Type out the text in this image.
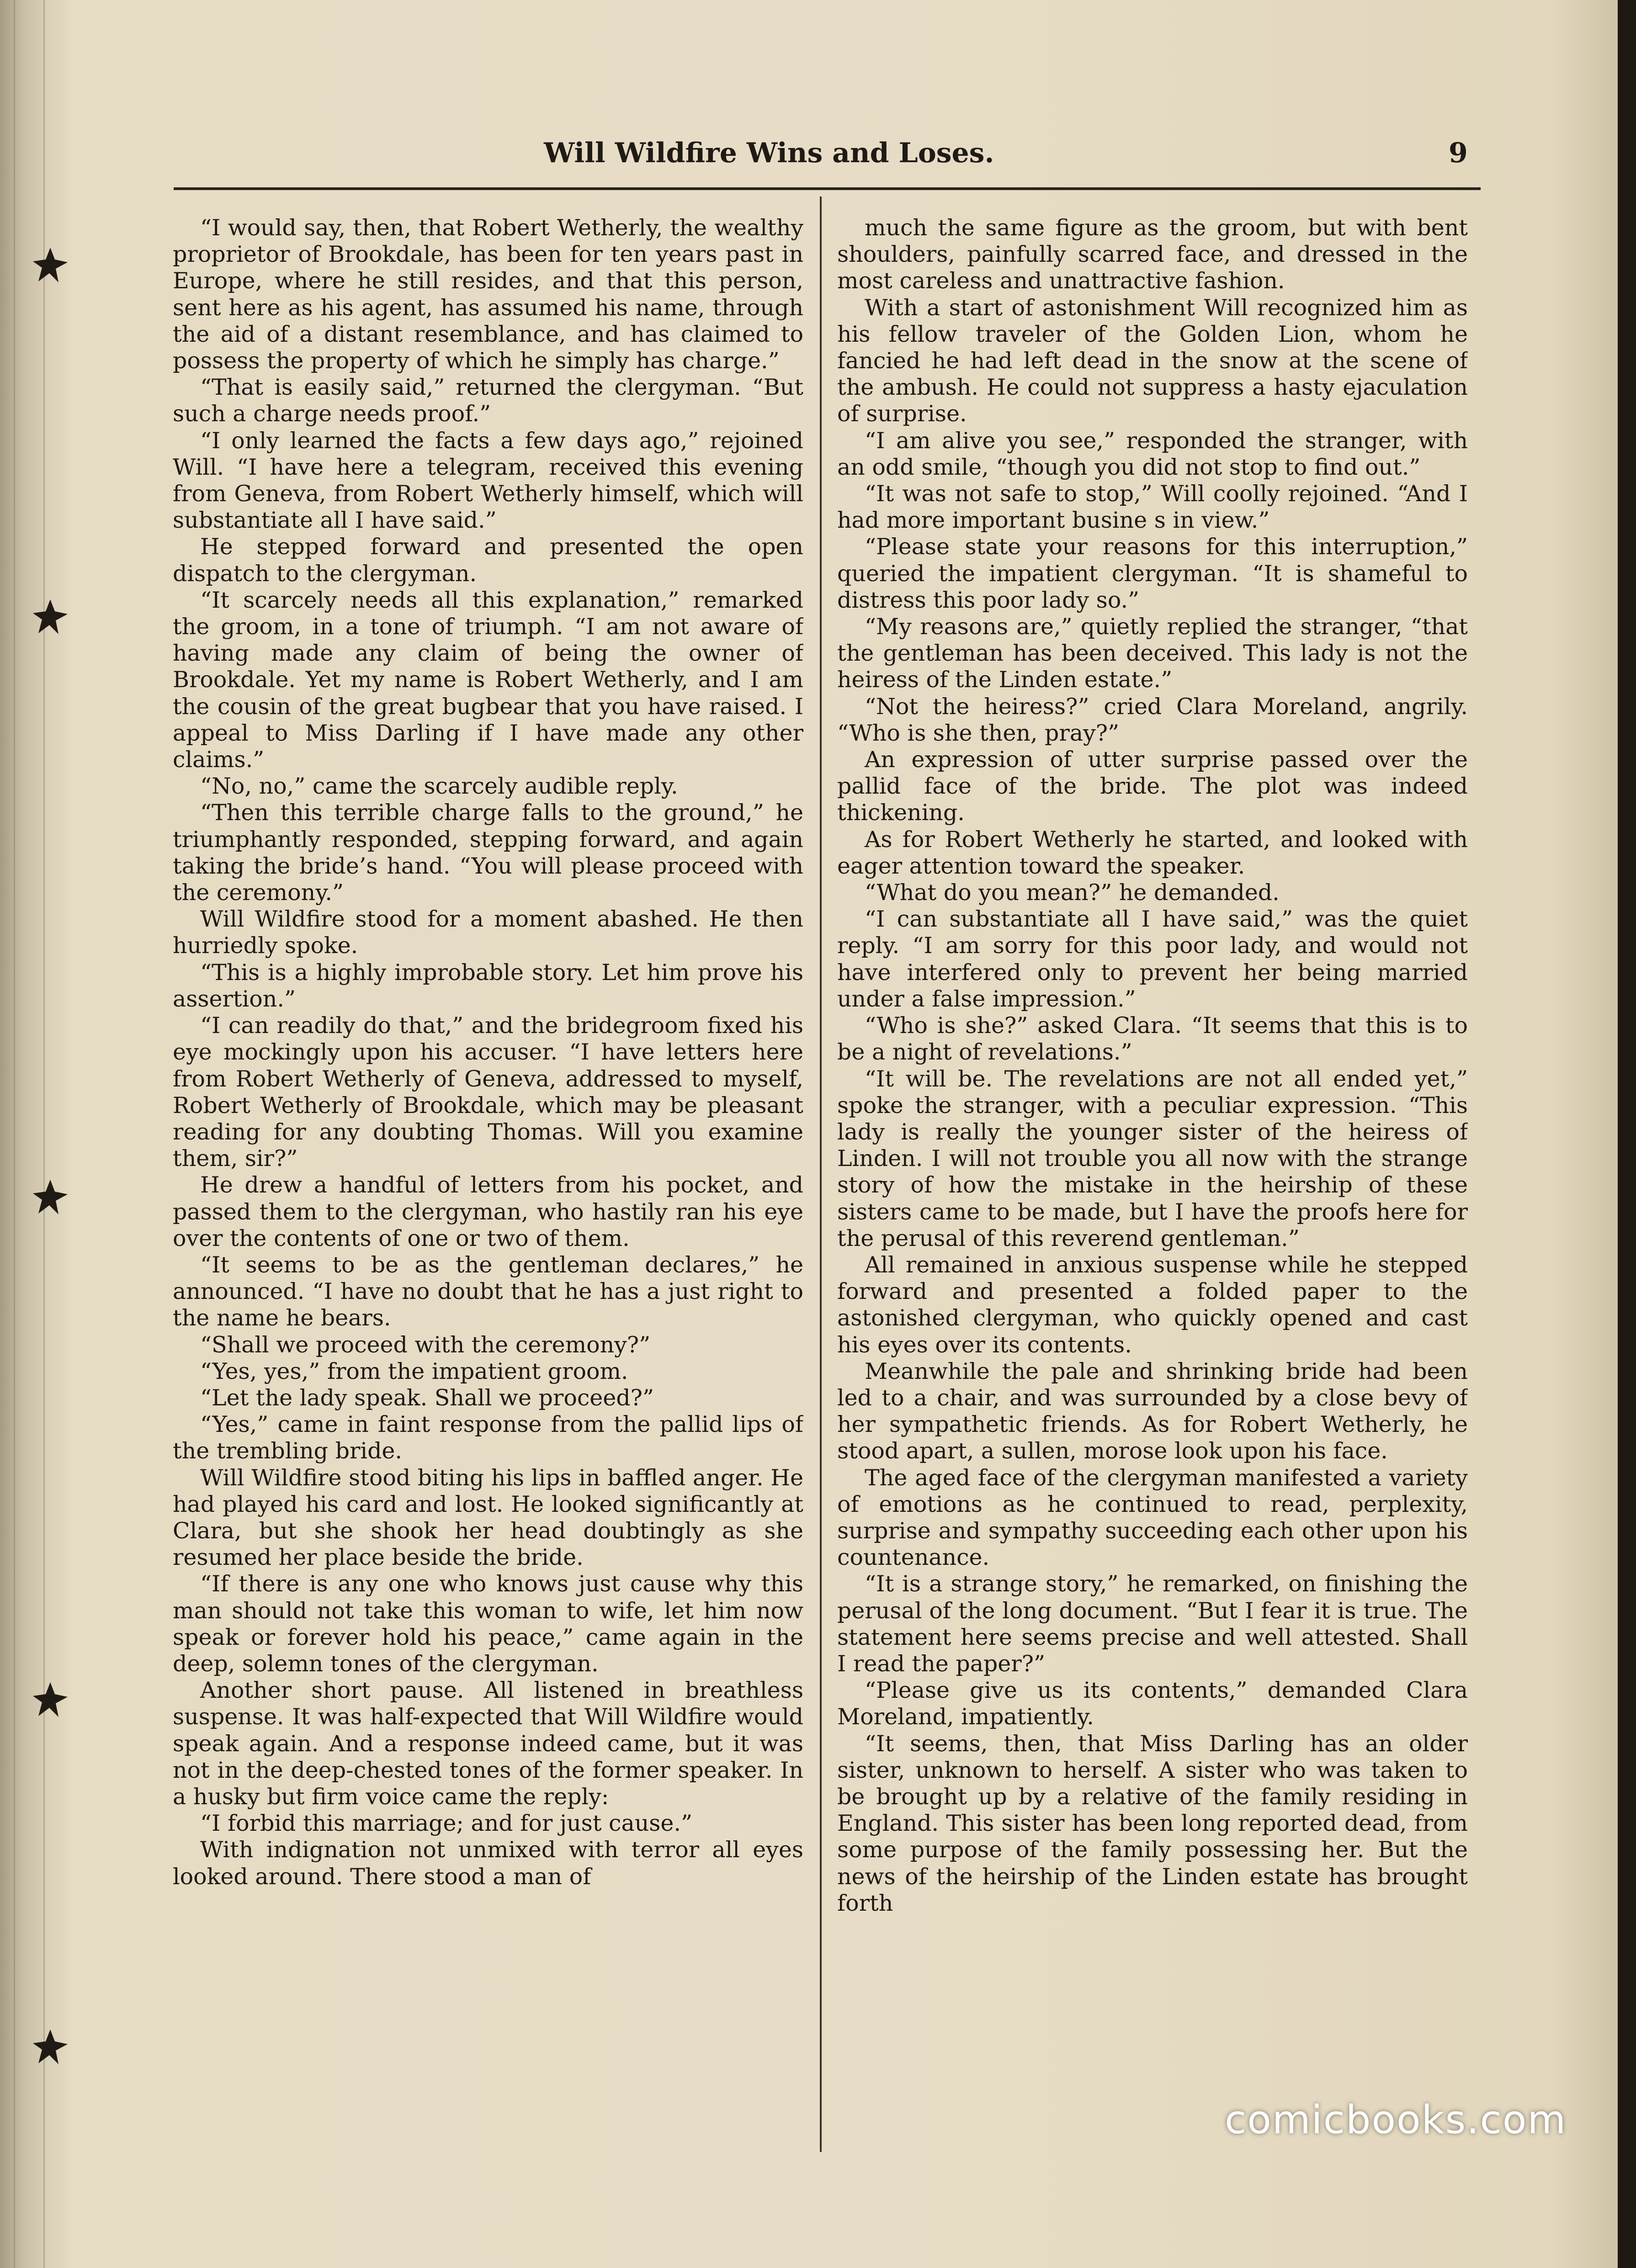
Will Wildfire Wins and Loses.	9

“I would say, then, that Robert Wetherly, the wealthy proprietor of Brookdale, has been for ten years past in Europe, where he still resides, and that this person, sent here as his agent, has assumed his name, through the aid of a distant resemblance, and has claimed to possess the property of which he simply has charge.”

“That is easily said,” returned the clergyman. “But such a charge needs proof.”

“I only learned the facts a few days ago,” rejoined Will. “I have here a telegram, received this evening from Geneva, from Robert Wetherly himself, which will substantiate all I have said.”

He stepped forward and presented the open dispatch to the clergyman.

“It scarcely needs all this explanation,” remarked the groom, in a tone of triumph. “I am not aware of having made any claim of being the owner of Brookdale. Yet my name is Robert Wetherly, and I am the cousin of the great bugbear that you have raised. I appeal to Miss Darling if I have made any other claims.”

“No, no,” came the scarcely audible reply.

“Then this terrible charge falls to the ground,” he triumphantly responded, stepping forward, and again taking the bride’s hand. “You will please proceed with the ceremony.”

Will Wildfire stood for a moment abashed. He then hurriedly spoke.

“This is a highly improbable story. Let him prove his assertion.”

“I can readily do that,” and the bridegroom fixed his eye mockingly upon his accuser. “I have letters here from Robert Wetherly of Geneva, addressed to myself, Robert Wetherly of Brookdale, which may be pleasant reading for any doubting Thomas. Will you examine them, sir?”

He drew a handful of letters from his pocket, and passed them to the clergyman, who hastily ran his eye over the contents of one or two of them.

“It seems to be as the gentleman declares,” he announced. “I have no doubt that he has a just right to the name he bears.

“Shall we proceed with the ceremony?”

“Yes, yes,” from the impatient groom.

“Let the lady speak. Shall we proceed?”

“Yes,” came in faint response from the pallid lips of the trembling bride.

Will Wildfire stood biting his lips in baffled anger. He had played his card and lost. He looked significantly at Clara, but she shook her head doubtingly as she resumed her place beside the bride.

“If there is any one who knows just cause why this man should not take this woman to wife, let him now speak or forever hold his peace,” came again in the deep, solemn tones of the clergyman.

Another short pause. All listened in breathless suspense. It was half-expected that Will Wildfire would speak again. And a response indeed came, but it was not in the deep-chested tones of the former speaker. In a husky but firm voice came the reply:

“I forbid this marriage; and for just cause.”

With indignation not unmixed with terror all eyes looked around. There stood a man of

much the same figure as the groom, but with bent shoulders, painfully scarred face, and dressed in the most careless and unattractive fashion.

With a start of astonishment Will recognized him as his fellow traveler of the Golden Lion, whom he fancied he had left dead in the snow at the scene of the ambush. He could not suppress a hasty ejaculation of surprise.

“I am alive you see,” responded the stranger, with an odd smile, “though you did not stop to find out.”

“It was not safe to stop,” Will coolly rejoined. “And I had more important busine s in view.”

“Please state your reasons for this interruption,” queried the impatient clergyman. “It is shameful to distress this poor lady so.”

“My reasons are,” quietly replied the stranger, “that the gentleman has been deceived. This lady is not the heiress of the Linden estate.”

“Not the heiress?” cried Clara Moreland, angrily. “Who is she then, pray?”

An expression of utter surprise passed over the pallid face of the bride. The plot was indeed thickening.

As for Robert Wetherly he started, and looked with eager attention toward the speaker.

“What do you mean?” he demanded.

“I can substantiate all I have said,” was the quiet reply. “I am sorry for this poor lady, and would not have interfered only to prevent her being married under a false impression.”

“Who is she?” asked Clara. “It seems that this is to be a night of revelations.”

“It will be. The revelations are not all ended yet,” spoke the stranger, with a peculiar expression. “This lady is really the younger sister of the heiress of Linden. I will not trouble you all now with the strange story of how the mistake in the heirship of these sisters came to be made, but I have the proofs here for the perusal of this reverend gentleman.”

All remained in anxious suspense while he stepped forward and presented a folded paper to the astonished clergyman, who quickly opened and cast his eyes over its contents.

Meanwhile the pale and shrinking bride had been led to a chair, and was surrounded by a close bevy of her sympathetic friends. As for Robert Wetherly, he stood apart, a sullen, morose look upon his face.

The aged face of the clergyman manifested a variety of emotions as he continued to read, perplexity, surprise and sympathy succeeding each other upon his countenance.

“It is a strange story,” he remarked, on finishing the perusal of the long document. “But I fear it is true. The statement here seems precise and well attested. Shall I read the paper?”

“Please give us its contents,” demanded Clara Moreland, impatiently.

“It seems, then, that Miss Darling has an older sister, unknown to herself. A sister who was taken to be brought up by a relative of the family residing in England. This sister has been long reported dead, from some purpose of the family possessing her. But the news of the heirship of the Linden estate has brought forth

comicbooks.com
